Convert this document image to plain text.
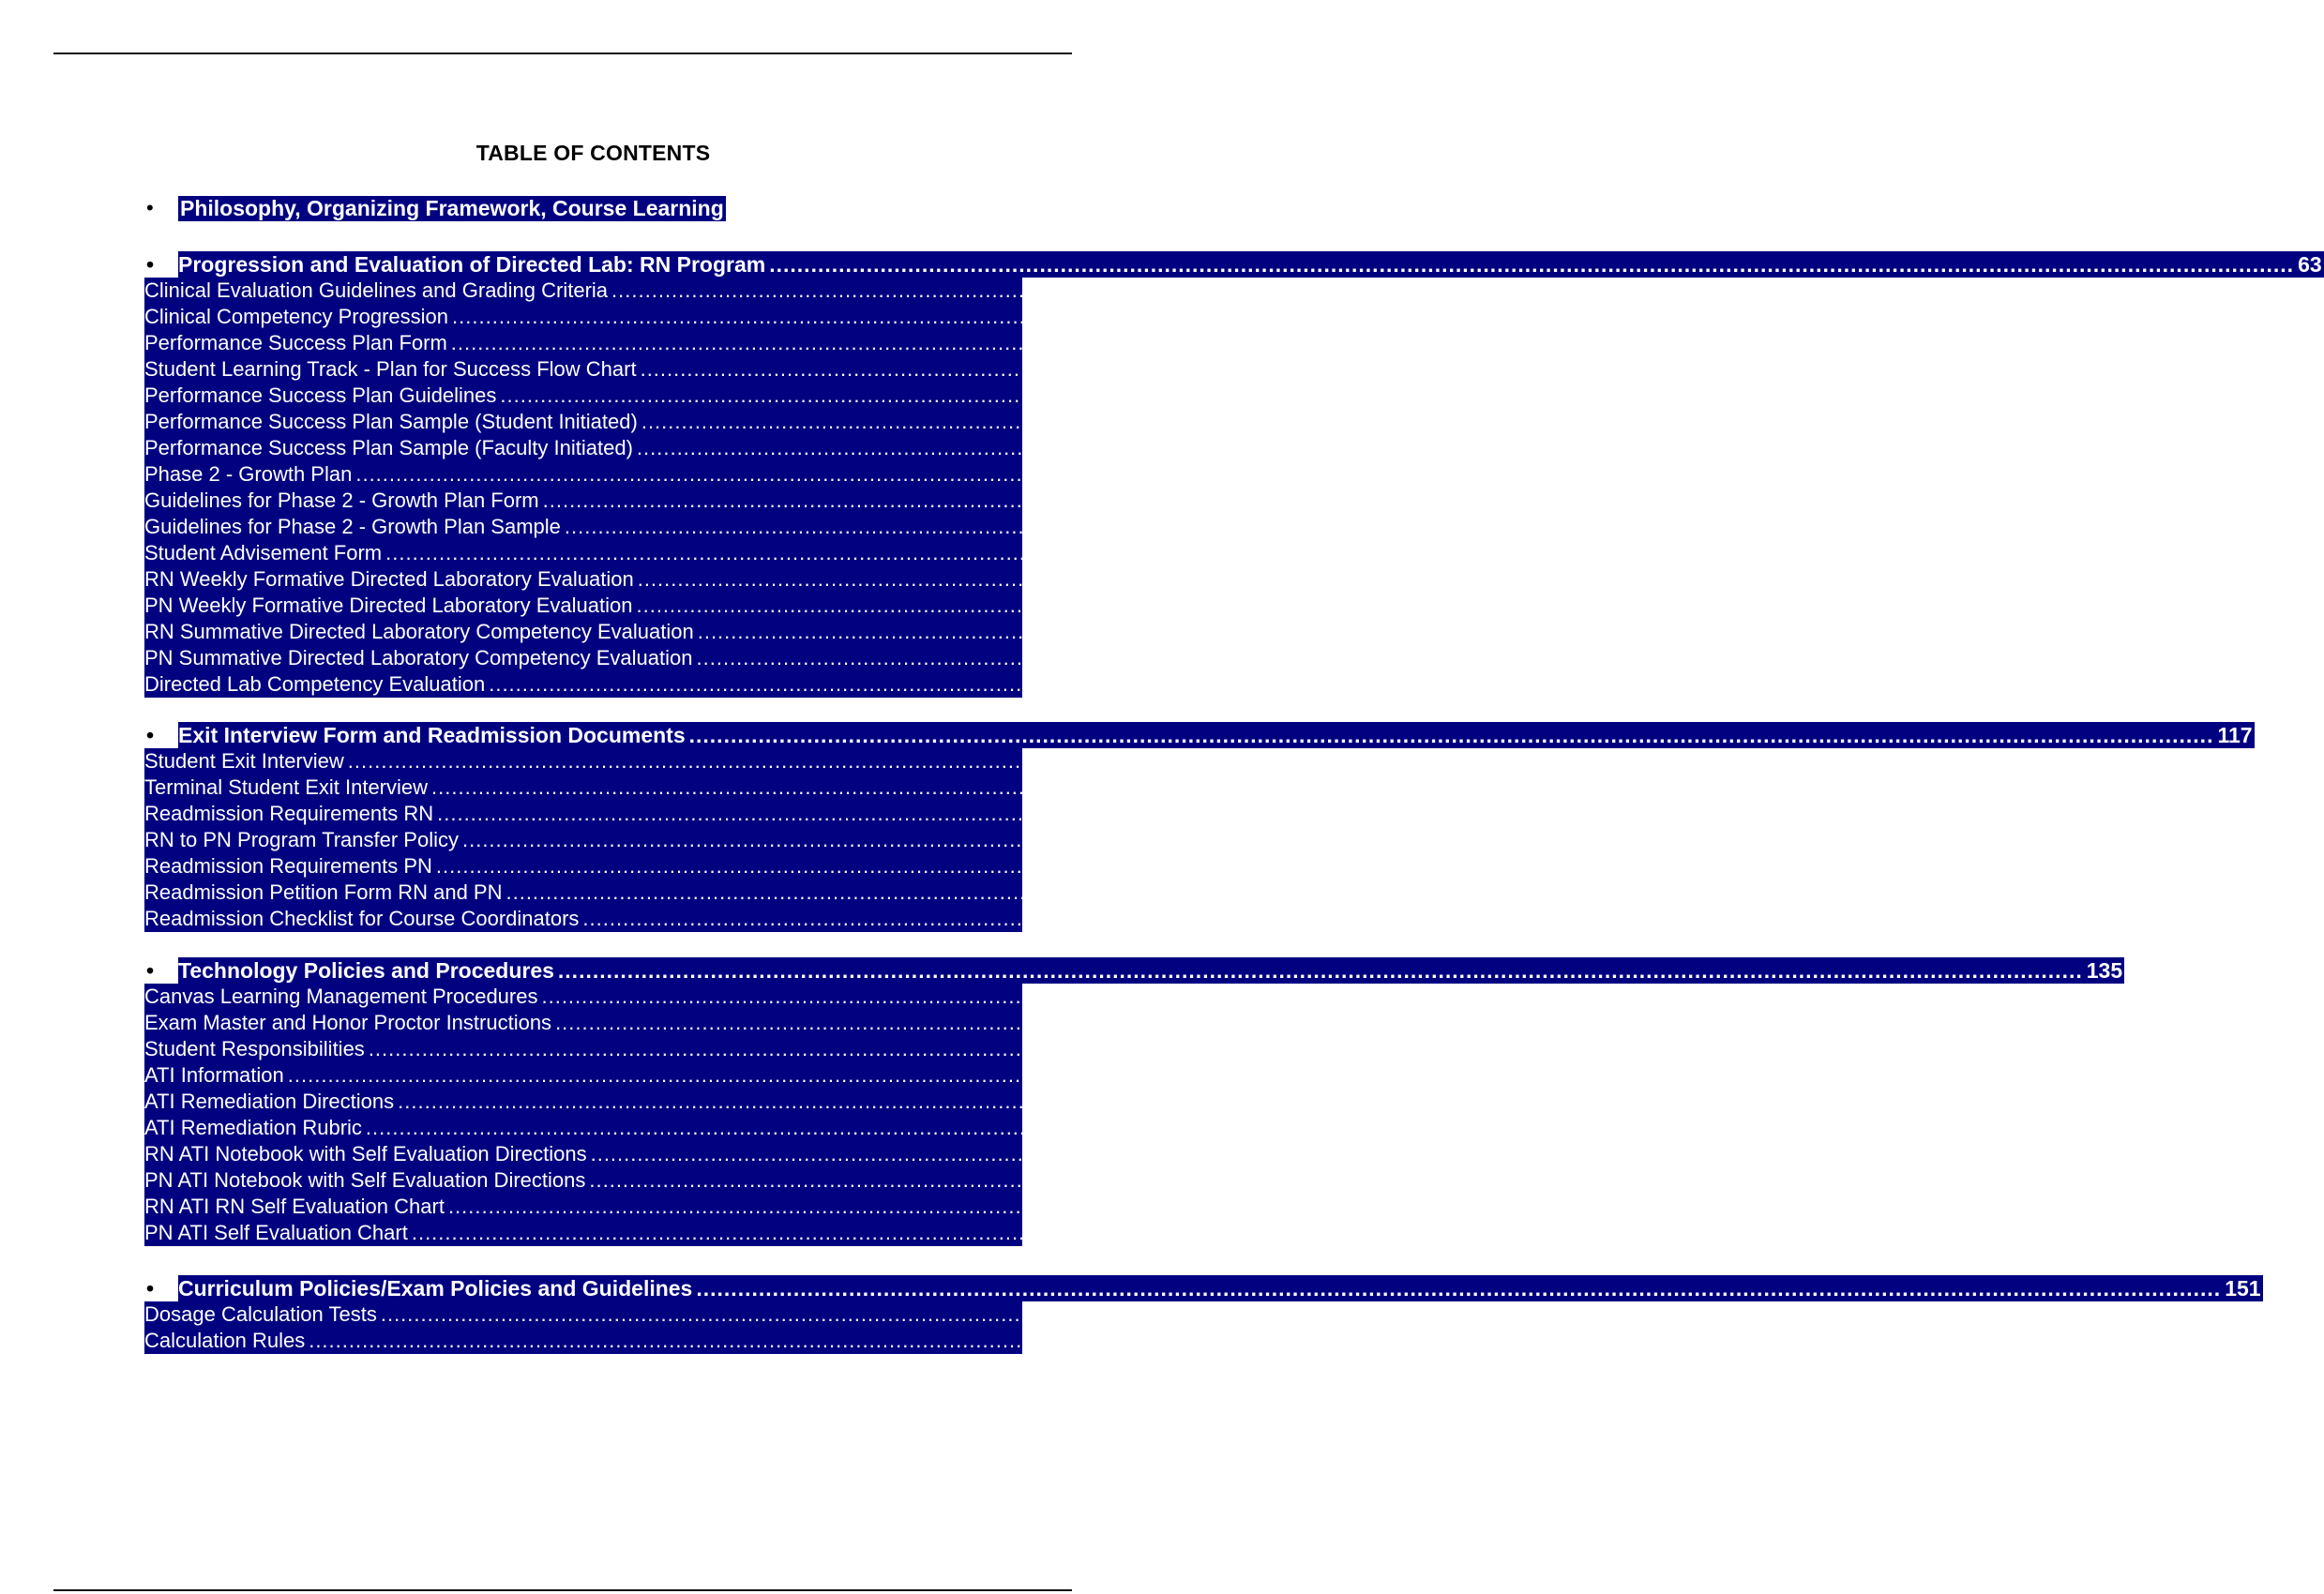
TABLE OF CONTENTS
•	Philosophy, Organizing Framework, Course Learning
•	Progression and Evaluation of Directed Lab: RN Program .....	63
Clinical Evaluation Guidelines and Grading Criteria .....	64
Clinical Competency Progression .....	64
Performance Success Plan Form .....	67
Student Learning Track - Plan for Success Flow Chart .....	67
Performance Success Plan Guidelines .....	68
Performance Success Plan Sample (Student Initiated) .....	71
Performance Success Plan Sample (Faculty Initiated) .....	72
Phase 2 - Growth Plan .....	73
Guidelines for Phase 2 - Growth Plan Form .....	74
Guidelines for Phase 2 - Growth Plan Sample .....	75
Student Advisement Form .....	76
RN Weekly Formative Directed Laboratory Evaluation .....	80
PN Weekly Formative Directed Laboratory Evaluation .....	92
RN Summative Directed Laboratory Competency Evaluation .....	96
PN Summative Directed Laboratory Competency Evaluation .....	110
Directed Lab Competency Evaluation .....	112
•	Exit Interview Form and Readmission Documents .....	117
Student Exit Interview .....	118
Terminal Student Exit Interview .....	122
Readmission Requirements RN .....	125
RN to PN Program Transfer Policy .....	127
Readmission Requirements PN .....	128
Readmission Petition Form RN and PN .....	130
Readmission Checklist for Course Coordinators .....	131
•	Technology Policies and Procedures .....	135
Canvas Learning Management Procedures .....	136
Exam Master and Honor Proctor Instructions .....	136
Student Responsibilities .....	137
ATI Information .....	138
ATI Remediation Directions .....	140
ATI Remediation Rubric .....	141
RN ATI Notebook with Self Evaluation Directions .....	142
PN ATI Notebook with Self Evaluation Directions .....	144
RN ATI RN Self Evaluation Chart .....	144
PN ATI Self Evaluation Chart .....	146
•	Curriculum Policies/Exam Policies and Guidelines .....	151
Dosage Calculation Tests .....	152
Calculation Rules .....	153
